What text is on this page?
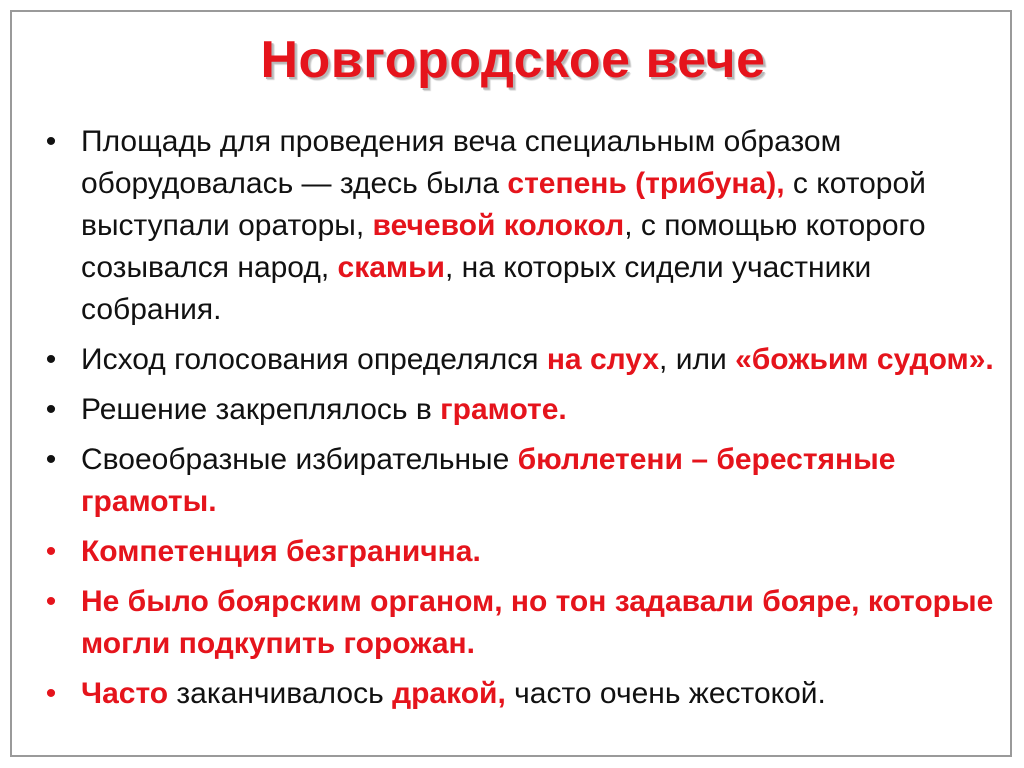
Новгородское вече
• Площадь для проведения веча специальным образом оборудовалась — здесь была степень (трибуна), с которой выступали ораторы, вечевой колокол, с помощью которого созывался народ, скамьи, на которых сидели участники собрания.
• Исход голосования определялся на слух, или «божьим судом».
• Решение закреплялось в грамоте.
• Своеобразные избирательные бюллетени – берестяные грамоты.
• Компетенция безгранична.
• Не было боярским органом, но тон задавали бояре, которые могли подкупить горожан.
• Часто заканчивалось дракой, часто очень жестокой.
